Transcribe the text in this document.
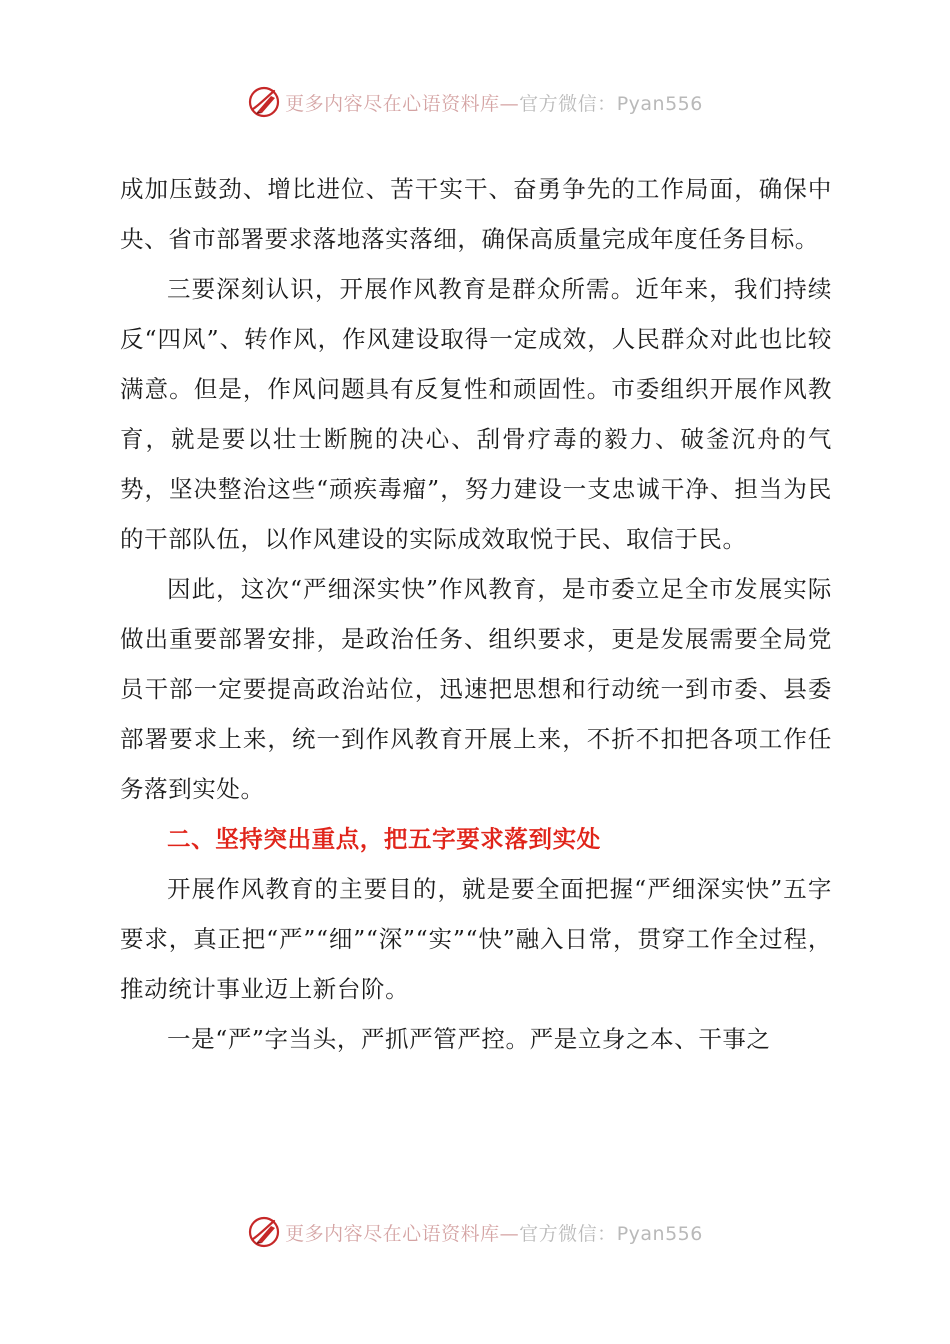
更多内容尽在心语资料库—官方微信：Pyan556

成加压鼓劲、增比进位、苦干实干、奋勇争先的工作局面，确保中央、省市部署要求落地落实落细，确保高质量完成年度任务目标。

三要深刻认识，开展作风教育是群众所需。近年来，我们持续反“四风”、转作风，作风建设取得一定成效，人民群众对此也比较满意。但是，作风问题具有反复性和顽固性。市委组织开展作风教育，就是要以壮士断腕的决心、刮骨疗毒的毅力、破釜沉舟的气势，坚决整治这些“顽疾毒瘤”，努力建设一支忠诚干净、担当为民的干部队伍，以作风建设的实际成效取悦于民、取信于民。

因此，这次“严细深实快”作风教育，是市委立足全市发展实际做出重要部署安排，是政治任务、组织要求，更是发展需要全局党员干部一定要提高政治站位，迅速把思想和行动统一到市委、县委部署要求上来，统一到作风教育开展上来，不折不扣把各项工作任务落到实处。

二、坚持突出重点，把五字要求落到实处

开展作风教育的主要目的，就是要全面把握“严细深实快”五字要求，真正把“严”“细”“深”“实”“快”融入日常，贯穿工作全过程，推动统计事业迈上新台阶。

一是“严”字当头，严抓严管严控。严是立身之本、干事之

更多内容尽在心语资料库—官方微信：Pyan556
